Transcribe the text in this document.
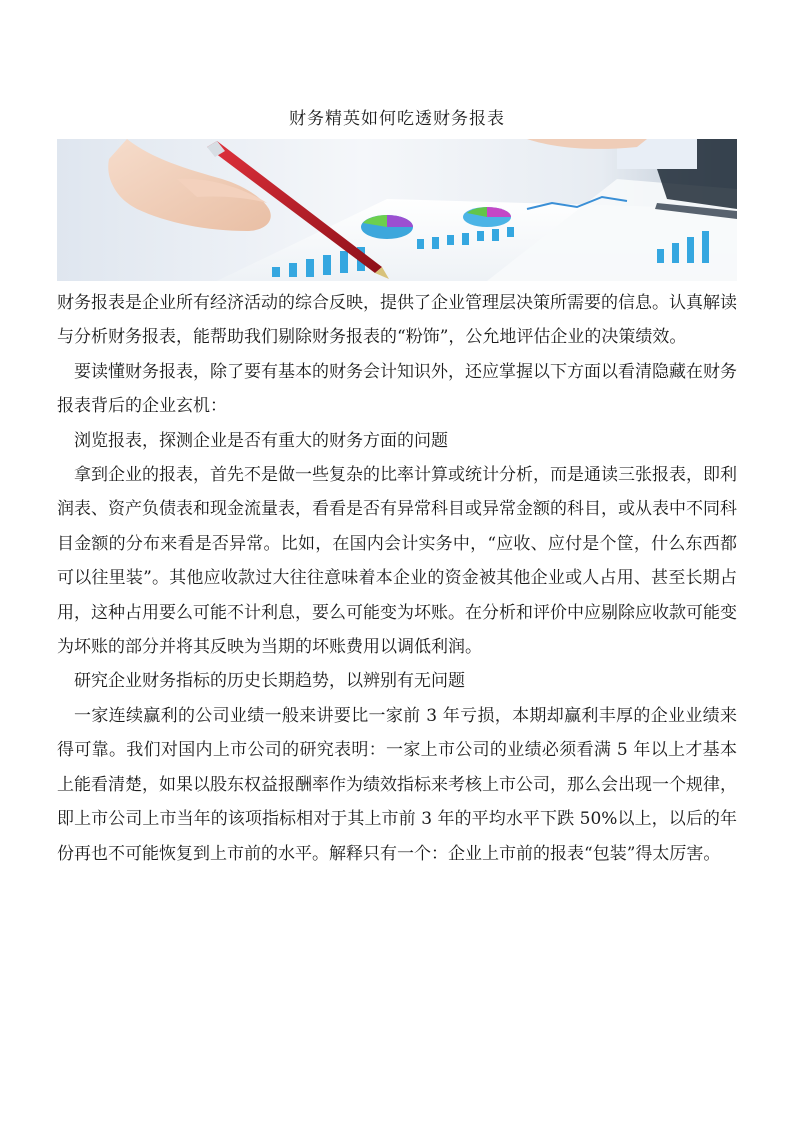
财务精英如何吃透财务报表

财务报表是企业所有经济活动的综合反映，提供了企业管理层决策所需要的信息。认真解读与分析财务报表，能帮助我们剔除财务报表的“粉饰”，公允地评估企业的决策绩效。

要读懂财务报表，除了要有基本的财务会计知识外，还应掌握以下方面以看清隐藏在财务报表背后的企业玄机：

浏览报表，探测企业是否有重大的财务方面的问题

拿到企业的报表，首先不是做一些复杂的比率计算或统计分析，而是通读三张报表，即利润表、资产负债表和现金流量表，看看是否有异常科目或异常金额的科目，或从表中不同科目金额的分布来看是否异常。比如，在国内会计实务中，“应收、应付是个筐，什么东西都可以往里装”。其他应收款过大往往意味着本企业的资金被其他企业或人占用、甚至长期占用，这种占用要么可能不计利息，要么可能变为坏账。在分析和评价中应剔除应收款可能变为坏账的部分并将其反映为当期的坏账费用以调低利润。

研究企业财务指标的历史长期趋势，以辨别有无问题

一家连续赢利的公司业绩一般来讲要比一家前 3 年亏损，本期却赢利丰厚的企业业绩来得可靠。我们对国内上市公司的研究表明：一家上市公司的业绩必须看满 5 年以上才基本上能看清楚，如果以股东权益报酬率作为绩效指标来考核上市公司，那么会出现一个规律，即上市公司上市当年的该项指标相对于其上市前 3 年的平均水平下跌 50%以上，以后的年份再也不可能恢复到上市前的水平。解释只有一个：企业上市前的报表“包装”得太厉害。
